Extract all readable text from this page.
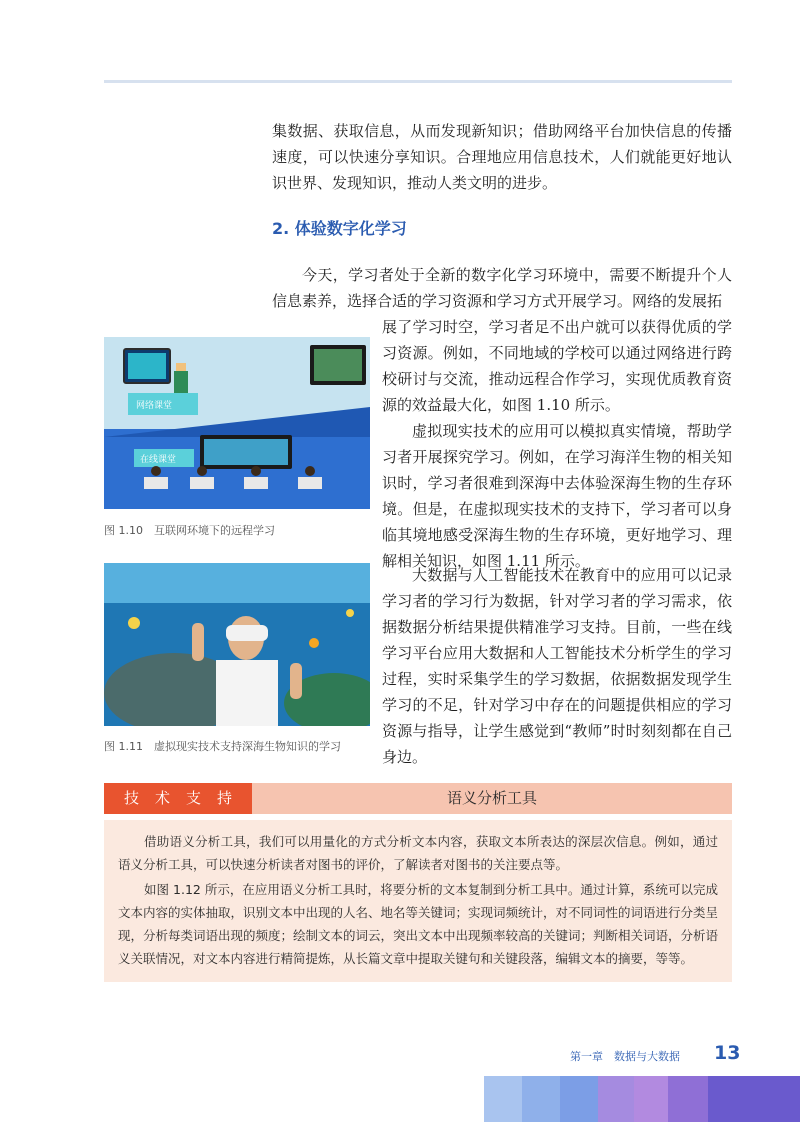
集数据、获取信息，从而发现新知识；借助网络平台加快信息的传播速度，可以快速分享知识。合理地应用信息技术，人们就能更好地认识世界、发现知识，推动人类文明的进步。

2. 体验数字化学习

今天，学习者处于全新的数字化学习环境中，需要不断提升个人信息素养，选择合适的学习资源和学习方式开展学习。网络的发展拓

展了学习时空，学习者足不出户就可以获得优质的学习资源。例如，不同地域的学校可以通过网络进行跨校研讨与交流，推动远程合作学习，实现优质教育资源的效益最大化，如图 1.10 所示。

网络课堂
在线课堂

图 1.10　互联网环境下的远程学习

虚拟现实技术的应用可以模拟真实情境，帮助学习者开展探究学习。例如，在学习海洋生物的相关知识时，学习者很难到深海中去体验深海生物的生存环境。但是，在虚拟现实技术的支持下，学习者可以身临其境地感受深海生物的生存环境，更好地学习、理解相关知识，如图 1.11 所示。

图 1.11　虚拟现实技术支持深海生物知识的学习

大数据与人工智能技术在教育中的应用可以记录学习者的学习行为数据，针对学习者的学习需求，依据数据分析结果提供精准学习支持。目前，一些在线学习平台应用大数据和人工智能技术分析学生的学习过程，实时采集学生的学习数据，依据数据发现学生学习的不足，针对学习中存在的问题提供相应的学习资源与指导，让学生感觉到“教师”时时刻刻都在自己身边。

技术支持	语义分析工具

借助语义分析工具，我们可以用量化的方式分析文本内容，获取文本所表达的深层次信息。例如，通过语义分析工具，可以快速分析读者对图书的评价，了解读者对图书的关注要点等。

如图 1.12 所示，在应用语义分析工具时，将要分析的文本复制到分析工具中。通过计算，系统可以完成文本内容的实体抽取，识别文本中出现的人名、地名等关键词；实现词频统计，对不同词性的词语进行分类呈现，分析每类词语出现的频度；绘制文本的词云，突出文本中出现频率较高的关键词；判断相关词语，分析语义关联情况，对文本内容进行精简提炼，从长篇文章中提取关键句和关键段落，编辑文本的摘要，等等。

第一章　数据与大数据 13
